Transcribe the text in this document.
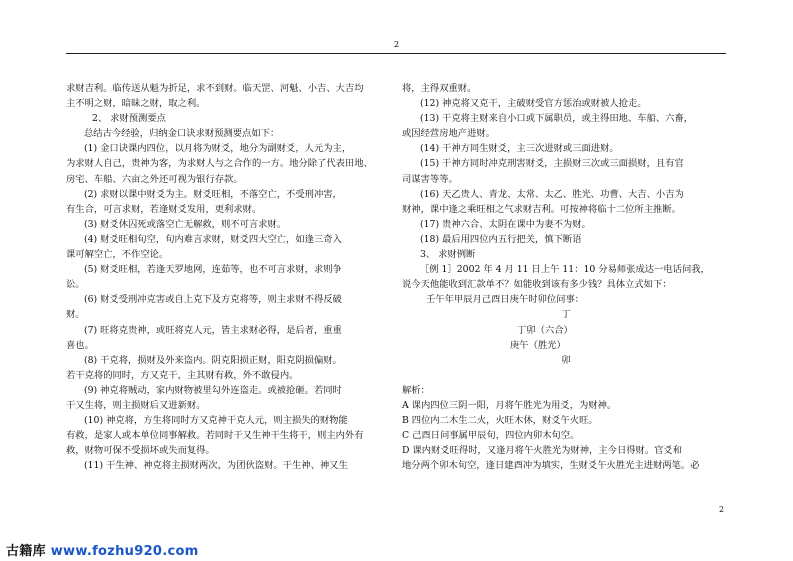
2

求财吉利。临传送从魁为折足，求不到财。临天罡、河魁、小吉、大吉均

主不明之财，暗昧之财，取之利。

2、 求财预测要点

总结古今经验，归纳金口诀求财预测要点如下：

(1) 金口诀课内四位，以月将为财爻，地分为副财爻，人元为主，

为求财人自己，贵神为客，为求财人与之合作的一方。地分除了代表田地、

房宅、车船、六亩之外还可视为银行存款。

(2) 求财以课中财爻为主。财爻旺相，不落空亡，不受刑冲害，

有生合，可言求财，若逢财爻发用，更利求财。

(3) 财爻休囚死或落空亡无解救，则不可言求财。

(4) 财爻旺相旬空，旬内难言求财，财爻四大空亡，如逢三奇入

课可解空亡，不作空论。

(5) 财爻旺相，若逢天罗地网，连茹等，也不可言求财，求则争

讼。

(6) 财爻受刑冲克害或自上克下及方克将等，则主求财不得反破

财。

(7) 旺将克贵神，或旺将克人元，皆主求财必得，是后者，重重

喜也。

(8) 干克将，损财及外来盗内。阴克阳损正财，阳克阴损偏财。

若干克将的同时，方又克干，主其财有救，外不敢侵内。

(9) 神克将贼动，家内财物被里勾外连盗走。或被抢砸。若同时

干又生将，则主损财后又进新财。

(10) 神克将，方生将同时方又克神干克人元，则主损失的财物能

有救，是家人或本单位同事解救。若同时干又生神干生将干，则主内外有

救，财物可保不受损坏或失而复得。

(11) 干生神、神克将主损财两次，为团伙盗财。干生神、神又生

将，主得双重财。

(12) 神克将又克干，主破财受官方惩治或财被人抢走。

(13) 干克将主财来自小口或下属职员，或主得田地、车船、六畜，

或因经营房地产进财。

(14) 干神方同生财爻，主三次进财或三面进财。

(15) 干神方同时冲克刑害财爻，主损财三次或三面损财，且有官

司谋害等等。

(16) 天乙贵人、青龙、太常、太乙、胜光、功曹、大吉、小吉为

财神，课中逢之乘旺相之气求财吉利。可按神将临十二位所主推断。

(17) 贵神六合、太阴在课中为妻不为财。

(18) 最后用四位内五行把关，慎下断语

3、 求财例断

［例 1］2002 年 4 月 11 日上午 11：10 分易师张成达一电话问我，

说今天他能收到汇款单不？如能收到该有多少钱？具体立式如下：

壬午年甲辰月己酉日庚午时卯位问事：

丁

丁卯（六合）

庚午（胜光）

卯

解析：

A 课内四位三阴一阳，月将午胜光为用爻，为财神。

B 四位内二木生二火，火旺木休，财爻午火旺。

C 己酉日问事属甲辰旬，四位内卯木旬空。

D 课内财爻旺得时，又逢月将午火胜光为财神，主今日得财。官爻和

地分两个卯木旬空，逢日建酉冲为填实，生财爻午火胜光主进财两笔。必

2
古籍库 www.fozhu920.com
